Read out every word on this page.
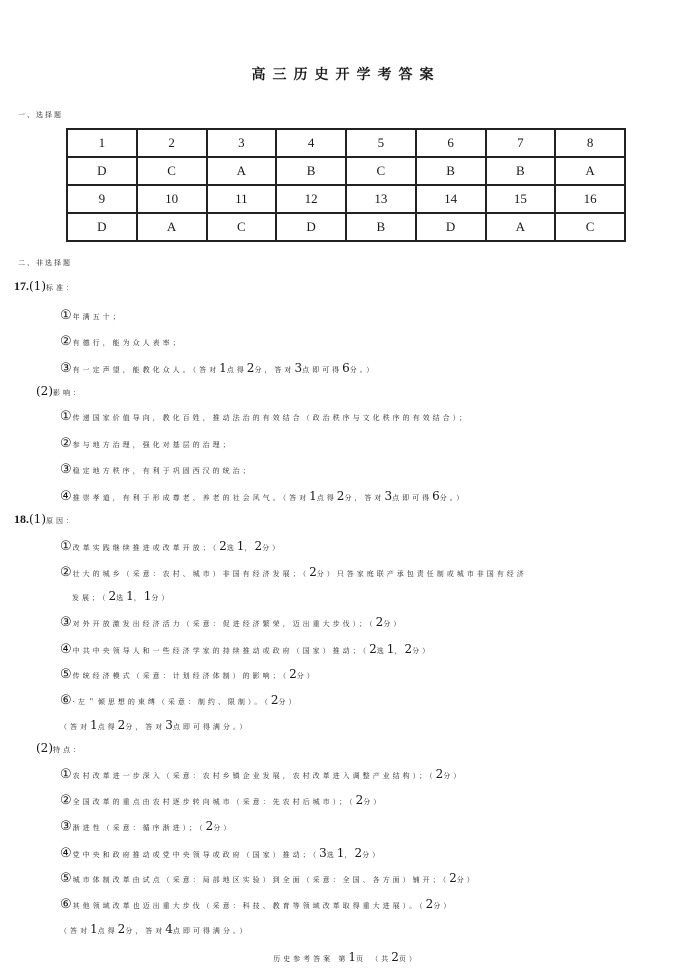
高三历史开学考答案
一、选择题
1	2	3	4	5	6	7	8
D	C	A	B	C	B	B	A
9	10	11	12	13	14	15	16
D	A	C	D	B	D	A	C
二、非选择题
17.(1)标准：
①年满五十；
②有德行，能为众人表率；
③有一定声望，能教化众人。（答对1点得2分，答对3点即可得6分。）
(2)影响：
①传递国家价值导向，教化百姓，推动法治的有效结合（政治秩序与文化秩序的有效结合）；
②参与地方治理，强化对基层的治理；
③稳定地方秩序，有利于巩固西汉的统治；
④推崇孝道，有利于形成尊老、养老的社会风气。（答对1点得2分，答对3点即可得6分。）
18.(1)原因：
①改革实践继续推进或改革开放；（2选1，2分）
②壮大的城乡（采意：农村、城市）非国有经济发展；（2分）只答家庭联产承包责任制或城市非国有经济
发展；（2选1，1分）
③对外开放激发出经济活力（采意：促进经济繁荣，迈出重大步伐）；（2分）
④中共中央领导人和一些经济学家的持续推动或政府（国家）推动；（2选1，2分）
⑤传统经济模式（采意：计划经济体制）的影响；（2分）
⑥·左＂倾思想的束缚（采意：制约、限制）。（2分）
（答对1点得2分，答对3点即可得满分。）
(2)特点：
①农村改革进一步深入（采意：农村乡镇企业发展，农村改革进入调整产业结构）；（2分）
②全国改革的重点由农村逐步转向城市（采意：先农村后城市）；（2分）
③渐进性（采意：循序渐进）；（2分）
④党中央和政府推动或党中央领导或政府（国家）推动；（3选1，2分）
⑤城市体制改革由试点（采意：局部地区实验）到全面（采意：全国、各方面）铺开；（2分）
⑥其他领域改革也迈出重大步伐（采意：科技、教育等领域改革取得重大进展）。（2分）
（答对1点得2分，答对4点即可得满分。）
历史参考答案 第1页 （共2页）
